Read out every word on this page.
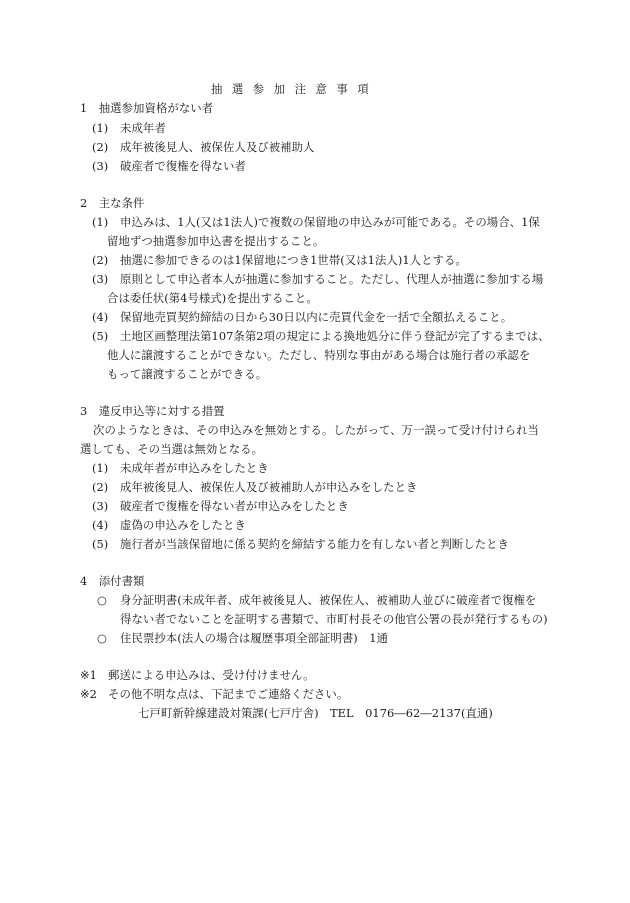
抽選参加注意事項
1　抽選参加資格がない者
(1) 未成年者
(2) 成年被後見人、被保佐人及び被補助人
(3) 破産者で復権を得ない者
2　主な条件
(1) 申込みは、1人(又は1法人)で複数の保留地の申込みが可能である。その場合、1保
留地ずつ抽選参加申込書を提出すること。
(2) 抽選に参加できるのは1保留地につき1世帯(又は1法人)1人とする。
(3) 原則として申込者本人が抽選に参加すること。ただし、代理人が抽選に参加する場
合は委任状(第4号様式)を提出すること。
(4) 保留地売買契約締結の日から30日以内に売買代金を一括で全額払えること。
(5) 土地区画整理法第107条第2項の規定による換地処分に伴う登記が完了するまでは、
他人に譲渡することができない。ただし、特別な事由がある場合は施行者の承認を
もって譲渡することができる。
3　違反申込等に対する措置
次のようなときは、その申込みを無効とする。したがって、万一誤って受け付けられ当
選しても、その当選は無効となる。
(1) 未成年者が申込みをしたとき
(2) 成年被後見人、被保佐人及び被補助人が申込みをしたとき
(3) 破産者で復権を得ない者が申込みをしたとき
(4) 虚偽の申込みをしたとき
(5) 施行者が当該保留地に係る契約を締結する能力を有しない者と判断したとき
4　添付書類
○ 身分証明書(未成年者、成年被後見人、被保佐人、被補助人並びに破産者で復権を
得ない者でないことを証明する書類で、市町村長その他官公署の長が発行するもの)
○ 住民票抄本(法人の場合は履歴事項全部証明書)　1通
※1 郵送による申込みは、受け付けません。
※2 その他不明な点は、下記までご連絡ください。
七戸町新幹線建設対策課(七戸庁舎)　TEL　0176―62―2137(直通)
